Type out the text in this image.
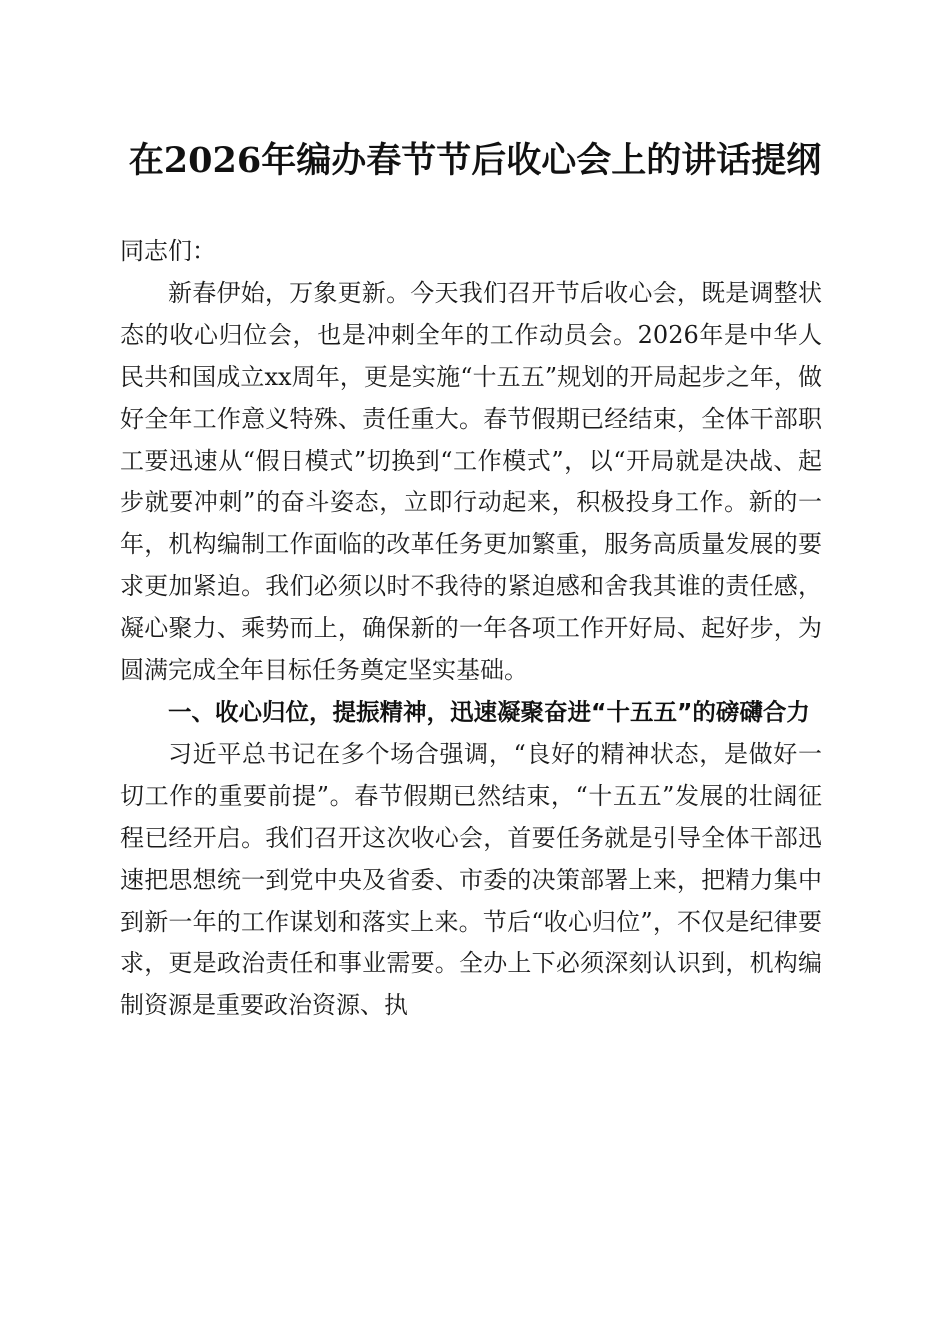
在2026年编办春节节后收心会上的讲话提纲

同志们：

新春伊始，万象更新。今天我们召开节后收心会，既是调整状态的收心归位会，也是冲刺全年的工作动员会。2026年是中华人民共和国成立xx周年，更是实施“十五五”规划的开局起步之年，做好全年工作意义特殊、责任重大。春节假期已经结束，全体干部职工要迅速从“假日模式”切换到“工作模式”，以“开局就是决战、起步就要冲刺”的奋斗姿态，立即行动起来，积极投身工作。新的一年，机构编制工作面临的改革任务更加繁重，服务高质量发展的要求更加紧迫。我们必须以时不我待的紧迫感和舍我其谁的责任感，凝心聚力、乘势而上，确保新的一年各项工作开好局、起好步，为圆满完成全年目标任务奠定坚实基础。

一、收心归位，提振精神，迅速凝聚奋进“十五五”的磅礴合力

习近平总书记在多个场合强调，“良好的精神状态，是做好一切工作的重要前提”。春节假期已然结束，“十五五”发展的壮阔征程已经开启。我们召开这次收心会，首要任务就是引导全体干部迅速把思想统一到党中央及省委、市委的决策部署上来，把精力集中到新一年的工作谋划和落实上来。节后“收心归位”，不仅是纪律要求，更是政治责任和事业需要。全办上下必须深刻认识到，机构编制资源是重要政治资源、执
